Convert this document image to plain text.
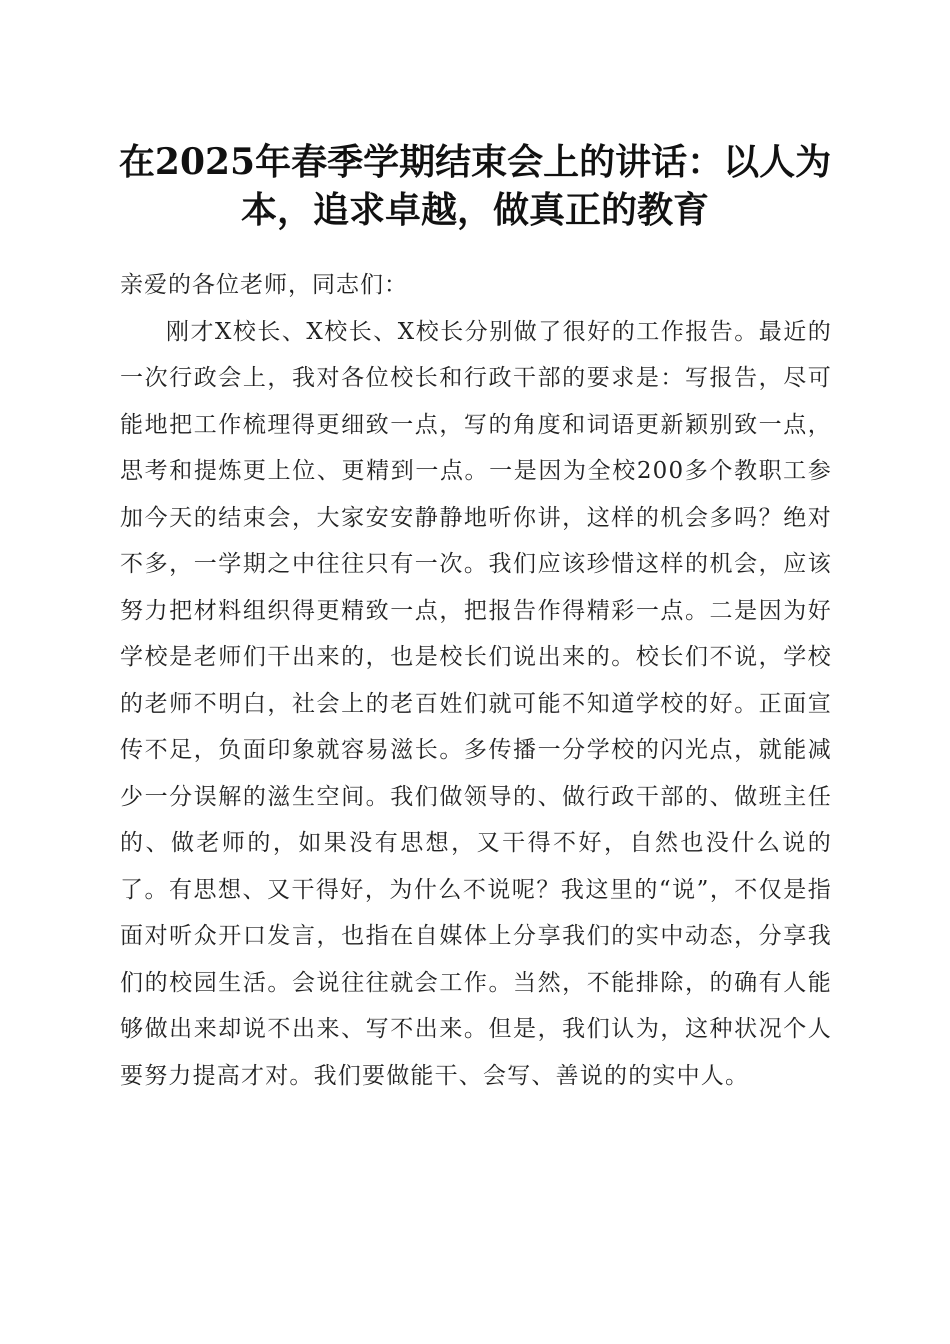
在2025年春季学期结束会上的讲话：以人为
本，追求卓越，做真正的教育

亲爱的各位老师，同志们：

刚才X校长、X校长、X校长分别做了很好的工作报告。最近的一次行政会上，我对各位校长和行政干部的要求是：写报告，尽可能地把工作梳理得更细致一点，写的角度和词语更新颖别致一点，思考和提炼更上位、更精到一点。一是因为全校200多个教职工参加今天的结束会，大家安安静静地听你讲，这样的机会多吗？绝对不多，一学期之中往往只有一次。我们应该珍惜这样的机会，应该努力把材料组织得更精致一点，把报告作得精彩一点。二是因为好学校是老师们干出来的，也是校长们说出来的。校长们不说，学校的老师不明白，社会上的老百姓们就可能不知道学校的好。正面宣传不足，负面印象就容易滋长。多传播一分学校的闪光点，就能减少一分误解的滋生空间。我们做领导的、做行政干部的、做班主任的、做老师的，如果没有思想，又干得不好，自然也没什么说的了。有思想、又干得好，为什么不说呢？我这里的“说”，不仅是指面对听众开口发言，也指在自媒体上分享我们的实中动态，分享我们的校园生活。会说往往就会工作。当然，不能排除，的确有人能够做出来却说不出来、写不出来。但是，我们认为，这种状况个人要努力提高才对。我们要做能干、会写、善说的的实中人。
